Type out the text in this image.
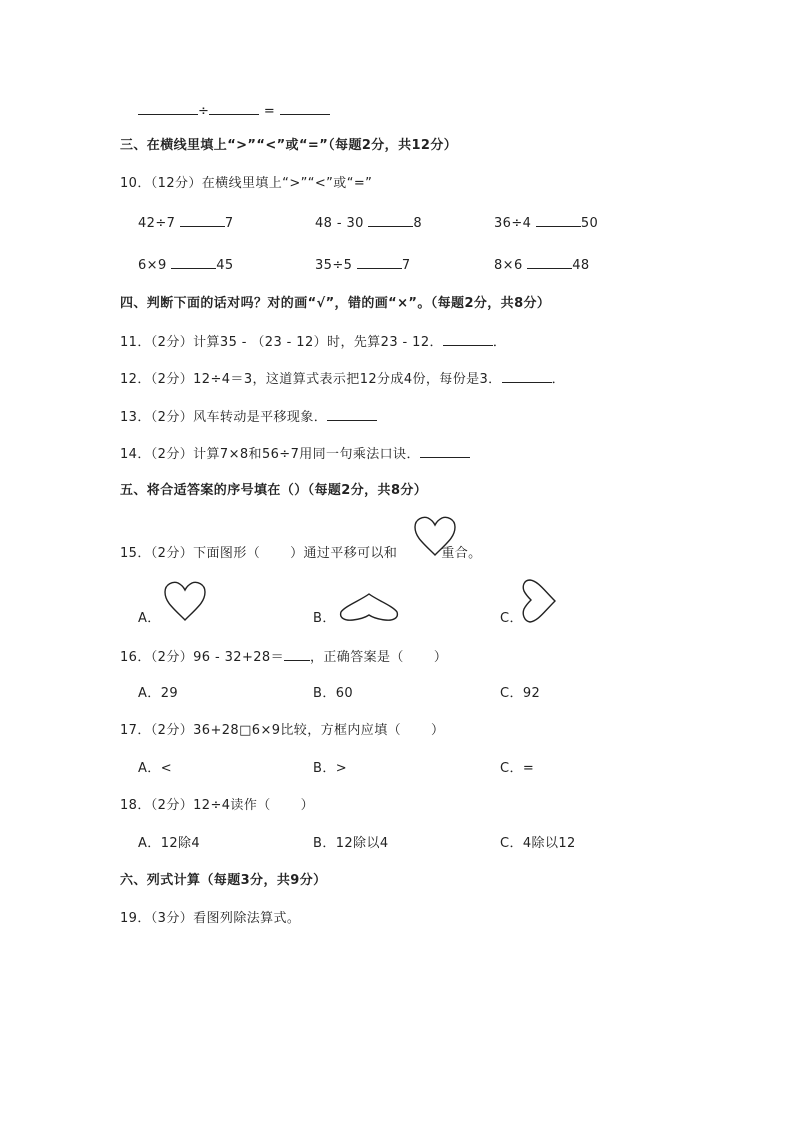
÷	=
三、在横线里填上“>”“<”或“=”（每题2分，共12分）
10．（12分）在横线里填上“>”“<”或“=”
42÷7	7	48 - 30	8	36÷4	50
6×9	45	35÷5	7	8×6	48
四、判断下面的话对吗？对的画“√”，错的画“×”。（每题2分，共8分）
11．（2分）计算35 - （23 - 12）时，先算23 - 12．	．
12．（2分）12÷4＝3，这道算式表示把12分成4份，每份是3．	．
13．（2分）风车转动是平移现象．
14．（2分）计算7×8和56÷7用同一句乘法口诀．
五、将合适答案的序号填在（）（每题2分，共8分）
15．（2分）下面图形（ ）通过平移可以和	重合。
A．	B．	C．
16．（2分）96 - 32+28＝ ，正确答案是（ ）
A．29	B．60	C．92
17．（2分）36+28□6×9比较，方框内应填（ ）
A．<	B．>	C．=
18．（2分）12÷4读作（ ）
A．12除4	B．12除以4	C．4除以12
六、列式计算（每题3分，共9分）
19．（3分）看图列除法算式。
